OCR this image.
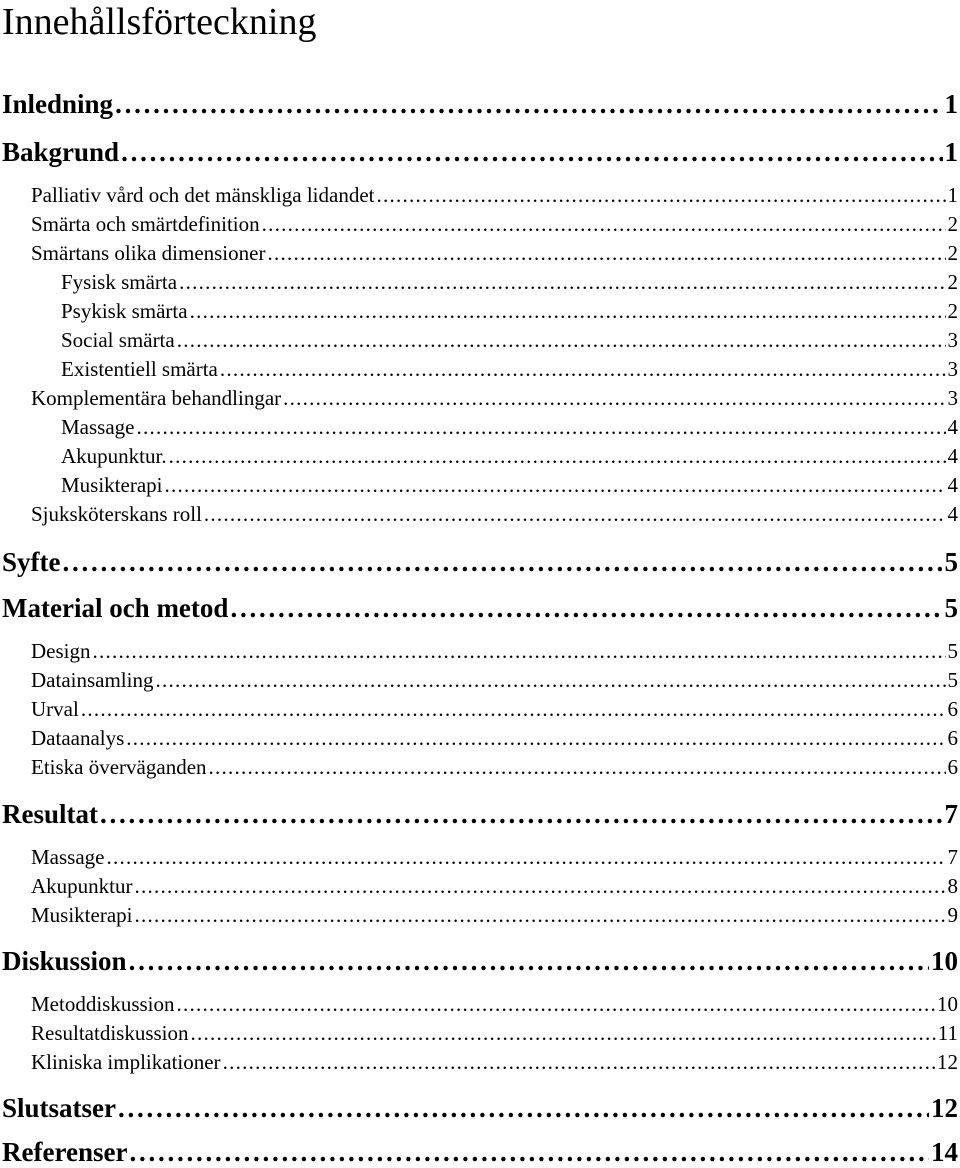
Innehållsförteckning
Inledning . . .	1
Bakgrund . . .	1
Palliativ vård och det mänskliga lidandet . . .	1
Smärta och smärtdefinition . . .	2
Smärtans olika dimensioner . . .	2
Fysisk smärta . . .	2
Psykisk smärta . . .	2
Social smärta . . .	3
Existentiell smärta . . .	3
Komplementära behandlingar . . .	3
Massage . . .	4
Akupunktur. . . .	4
Musikterapi . . .	4
Sjuksköterskans roll . . .	4
Syfte . . .	5
Material och metod . . .	5
Design . . .	5
Datainsamling . . .	5
Urval . . .	6
Dataanalys . . .	6
Etiska överväganden . . .	6
Resultat . . .	7
Massage . . .	7
Akupunktur . . .	8
Musikterapi . . .	9
Diskussion . . .	10
Metoddiskussion . . .	10
Resultatdiskussion . . .	11
Kliniska implikationer . . .	12
Slutsatser . . .	12
Referenser . . .	14
